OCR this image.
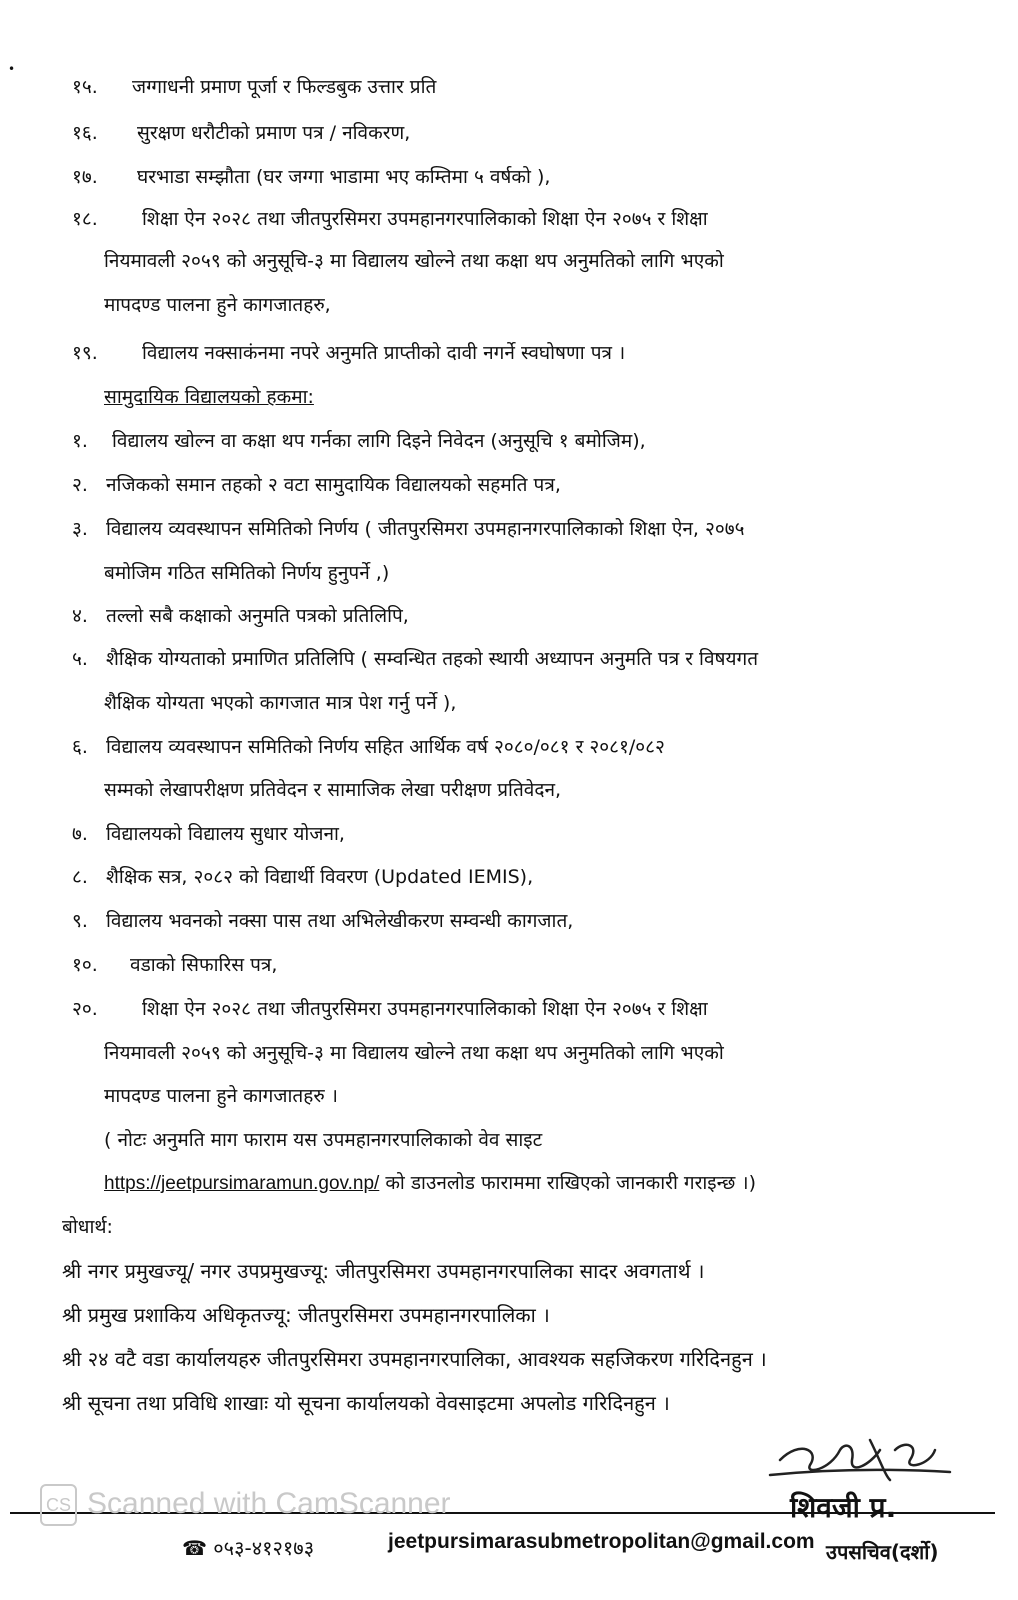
•
१५. जग्गाधनी प्रमाण पूर्जा र फिल्डबुक उत्तार प्रति
१६. सुरक्षण धरौटीको प्रमाण पत्र / नविकरण,
१७. घरभाडा सम्झौता (घर जग्गा भाडामा भए कम्तिमा ५ वर्षको ),
१८. शिक्षा ऐन २०२८ तथा जीतपुरसिमरा उपमहानगरपालिकाको शिक्षा ऐन २०७५ र शिक्षा
नियमावली २०५९ को अनुसूचि-३ मा विद्यालय खोल्ने तथा कक्षा थप अनुमतिको लागि भएको
मापदण्ड पालना हुने कागजातहरु,
१९. विद्यालय नक्साकंनमा नपरे अनुमति प्राप्तीको दावी नगर्ने स्वघोषणा पत्र ।
सामुदायिक विद्यालयको हकमा:
१. विद्यालय खोल्न वा कक्षा थप गर्नका लागि दिइने निवेदन (अनुसूचि १ बमोजिम),
२. नजिकको समान तहको २ वटा सामुदायिक विद्यालयको सहमति पत्र,
३. विद्यालय व्यवस्थापन समितिको निर्णय ( जीतपुरसिमरा उपमहानगरपालिकाको शिक्षा ऐन, २०७५
बमोजिम गठित समितिको निर्णय हुनुपर्ने ,)
४. तल्लो सबै कक्षाको अनुमति पत्रको प्रतिलिपि,
५. शैक्षिक योग्यताको प्रमाणित प्रतिलिपि ( सम्वन्धित तहको स्थायी अध्यापन अनुमति पत्र र विषयगत
शैक्षिक योग्यता भएको कागजात मात्र पेश गर्नु पर्ने ),
६. विद्यालय व्यवस्थापन समितिको निर्णय सहित आर्थिक वर्ष २०८०/०८१ र २०८१/०८२
सम्मको लेखापरीक्षण प्रतिवेदन र सामाजिक लेखा परीक्षण प्रतिवेदन,
७. विद्यालयको विद्यालय सुधार योजना,
८. शैक्षिक सत्र, २०८२ को विद्यार्थी विवरण (Updated IEMIS),
९. विद्यालय भवनको नक्सा पास तथा अभिलेखीकरण सम्वन्धी कागजात,
१०. वडाको सिफारिस पत्र,
२०. शिक्षा ऐन २०२८ तथा जीतपुरसिमरा उपमहानगरपालिकाको शिक्षा ऐन २०७५ र शिक्षा
नियमावली २०५९ को अनुसूचि-३ मा विद्यालय खोल्ने तथा कक्षा थप अनुमतिको लागि भएको
मापदण्ड पालना हुने कागजातहरु ।
( नोटः अनुमति माग फाराम यस उपमहानगरपालिकाको वेव साइट
https://jeetpursimaramun.gov.np/ को डाउनलोड फाराममा राखिएको जानकारी गराइन्छ ।)
बोधार्थ:
श्री नगर प्रमुखज्यू/ नगर उपप्रमुखज्यू: जीतपुरसिमरा उपमहानगरपालिका सादर अवगतार्थ ।
श्री प्रमुख प्रशाकिय अधिकृतज्यू: जीतपुरसिमरा उपमहानगरपालिका ।
श्री २४ वटै वडा कार्यालयहरु जीतपुरसिमरा उपमहानगरपालिका, आवश्यक सहजिकरण गरिदिनहुन ।
श्री सूचना तथा प्रविधि शाखाः यो सूचना कार्यालयको वेवसाइटमा अपलोड गरिदिनहुन ।
शिवजी प्र.
CS Scanned with CamScanner
☎ ०५३-४१२१७३	jeetpursimarasubmetropolitan@gmail.com उपसचिव(दर्शो)
